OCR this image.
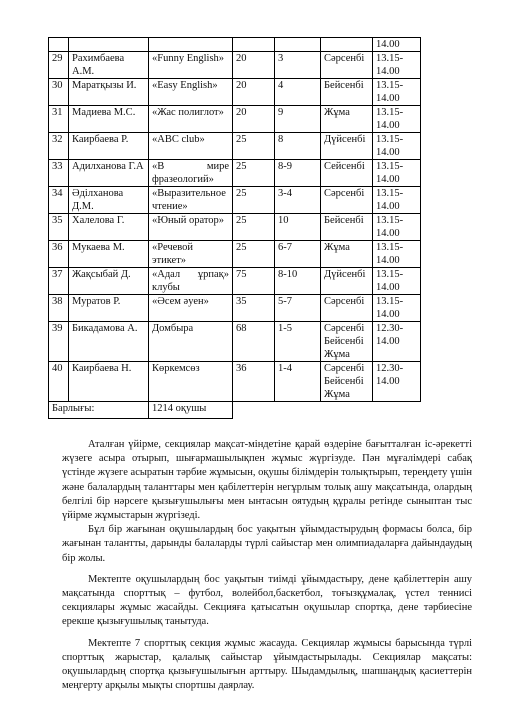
						14.00
29	Рахимбаева А.М.	«Funny English»	20	3	Сәрсенбі	13.15-14.00
30	Маратқызы И.	«Easy English»	20	4	Бейсенбі	13.15-14.00
31	Мадиева М.С.	«Жас полиглот»	20	9	Жұма	13.15-14.00
32	Каирбаева Р.	«ABC club»	25	8	Дүйсенбі	13.15-14.00
33	Адилханова Г.А	«В мире фразеологий»	25	8-9	Сейсенбі	13.15-14.00
34	Әділханова Д.М.	«Выразительное чтение»	25	3-4	Сәрсенбі	13.15-14.00
35	Халелова Г.	«Юный оратор»	25	10	Бейсенбі	13.15-14.00
36	Мукаева М.	«Речевой этикет»	25	6-7	Жұма	13.15-14.00
37	Жақсыбай Д.	«Адал ұрпақ» клубы	75	8-10	Дүйсенбі	13.15-14.00
38	Муратов Р.	«Әсем әуен»	35	5-7	Сәрсенбі	13.15-14.00
39	Бикадамова А.	Домбыра	68	1-5	Сәрсенбі Бейсенбі Жұма	12.30-14.00
40	Каирбаева Н.	Көркемсөз	36	1-4	Сәрсенбі Бейсенбі Жұма	12.30-14.00
Барлығы:		1214 оқушы				

Аталған үйірме, секциялар мақсат-міндетіне қарай өздеріне бағытталған іс-әрекетті жүзеге асыра отырып, шығармашылықпен жұмыс жүргізуде. Пән мұғалімдері сабақ үстінде жүзеге асыратын тәрбие жұмысын, оқушы білімдерін толықтырып, тереңдету үшін және балалардың таланттары мен қабілеттерін негұрлым толық ашу мақсатында, олардың белгілі бір нәрсеге қызығушылығы мен ынтасын оятудың құралы ретінде сыныптан тыс үйірме жұмыстарын жүргізеді.

Бұл бір жағынан оқушылардың бос уақытын ұйымдастырудың формасы болса, бір жағынан талантты, дарынды балаларды түрлі сайыстар мен олимпиадаларға дайындаудың бір жолы.

Мектепте оқушылардың бос уақытын тиімді ұйымдастыру, дене қабілеттерін ашу мақсатында спорттық – футбол, волейбол,баскетбол, тоғызқұмалақ, үстел теннисі секциялары жұмыс жасайды. Секцияға қатысатын оқушылар спортқа, дене тәрбиесіне ерекше қызығушылық танытуда.

Мектепте 7 спорттық секция жұмыс жасауда. Секциялар жұмысы барысында түрлі спорттық жарыстар, қалалық сайыстар ұйымдастырылады. Секциялар мақсаты: оқушылардың спортқа қызығушылығын арттыру. Шыдамдылық, шапшаңдық қасиеттерін меңгерту арқылы мықты спортшы даярлау.
